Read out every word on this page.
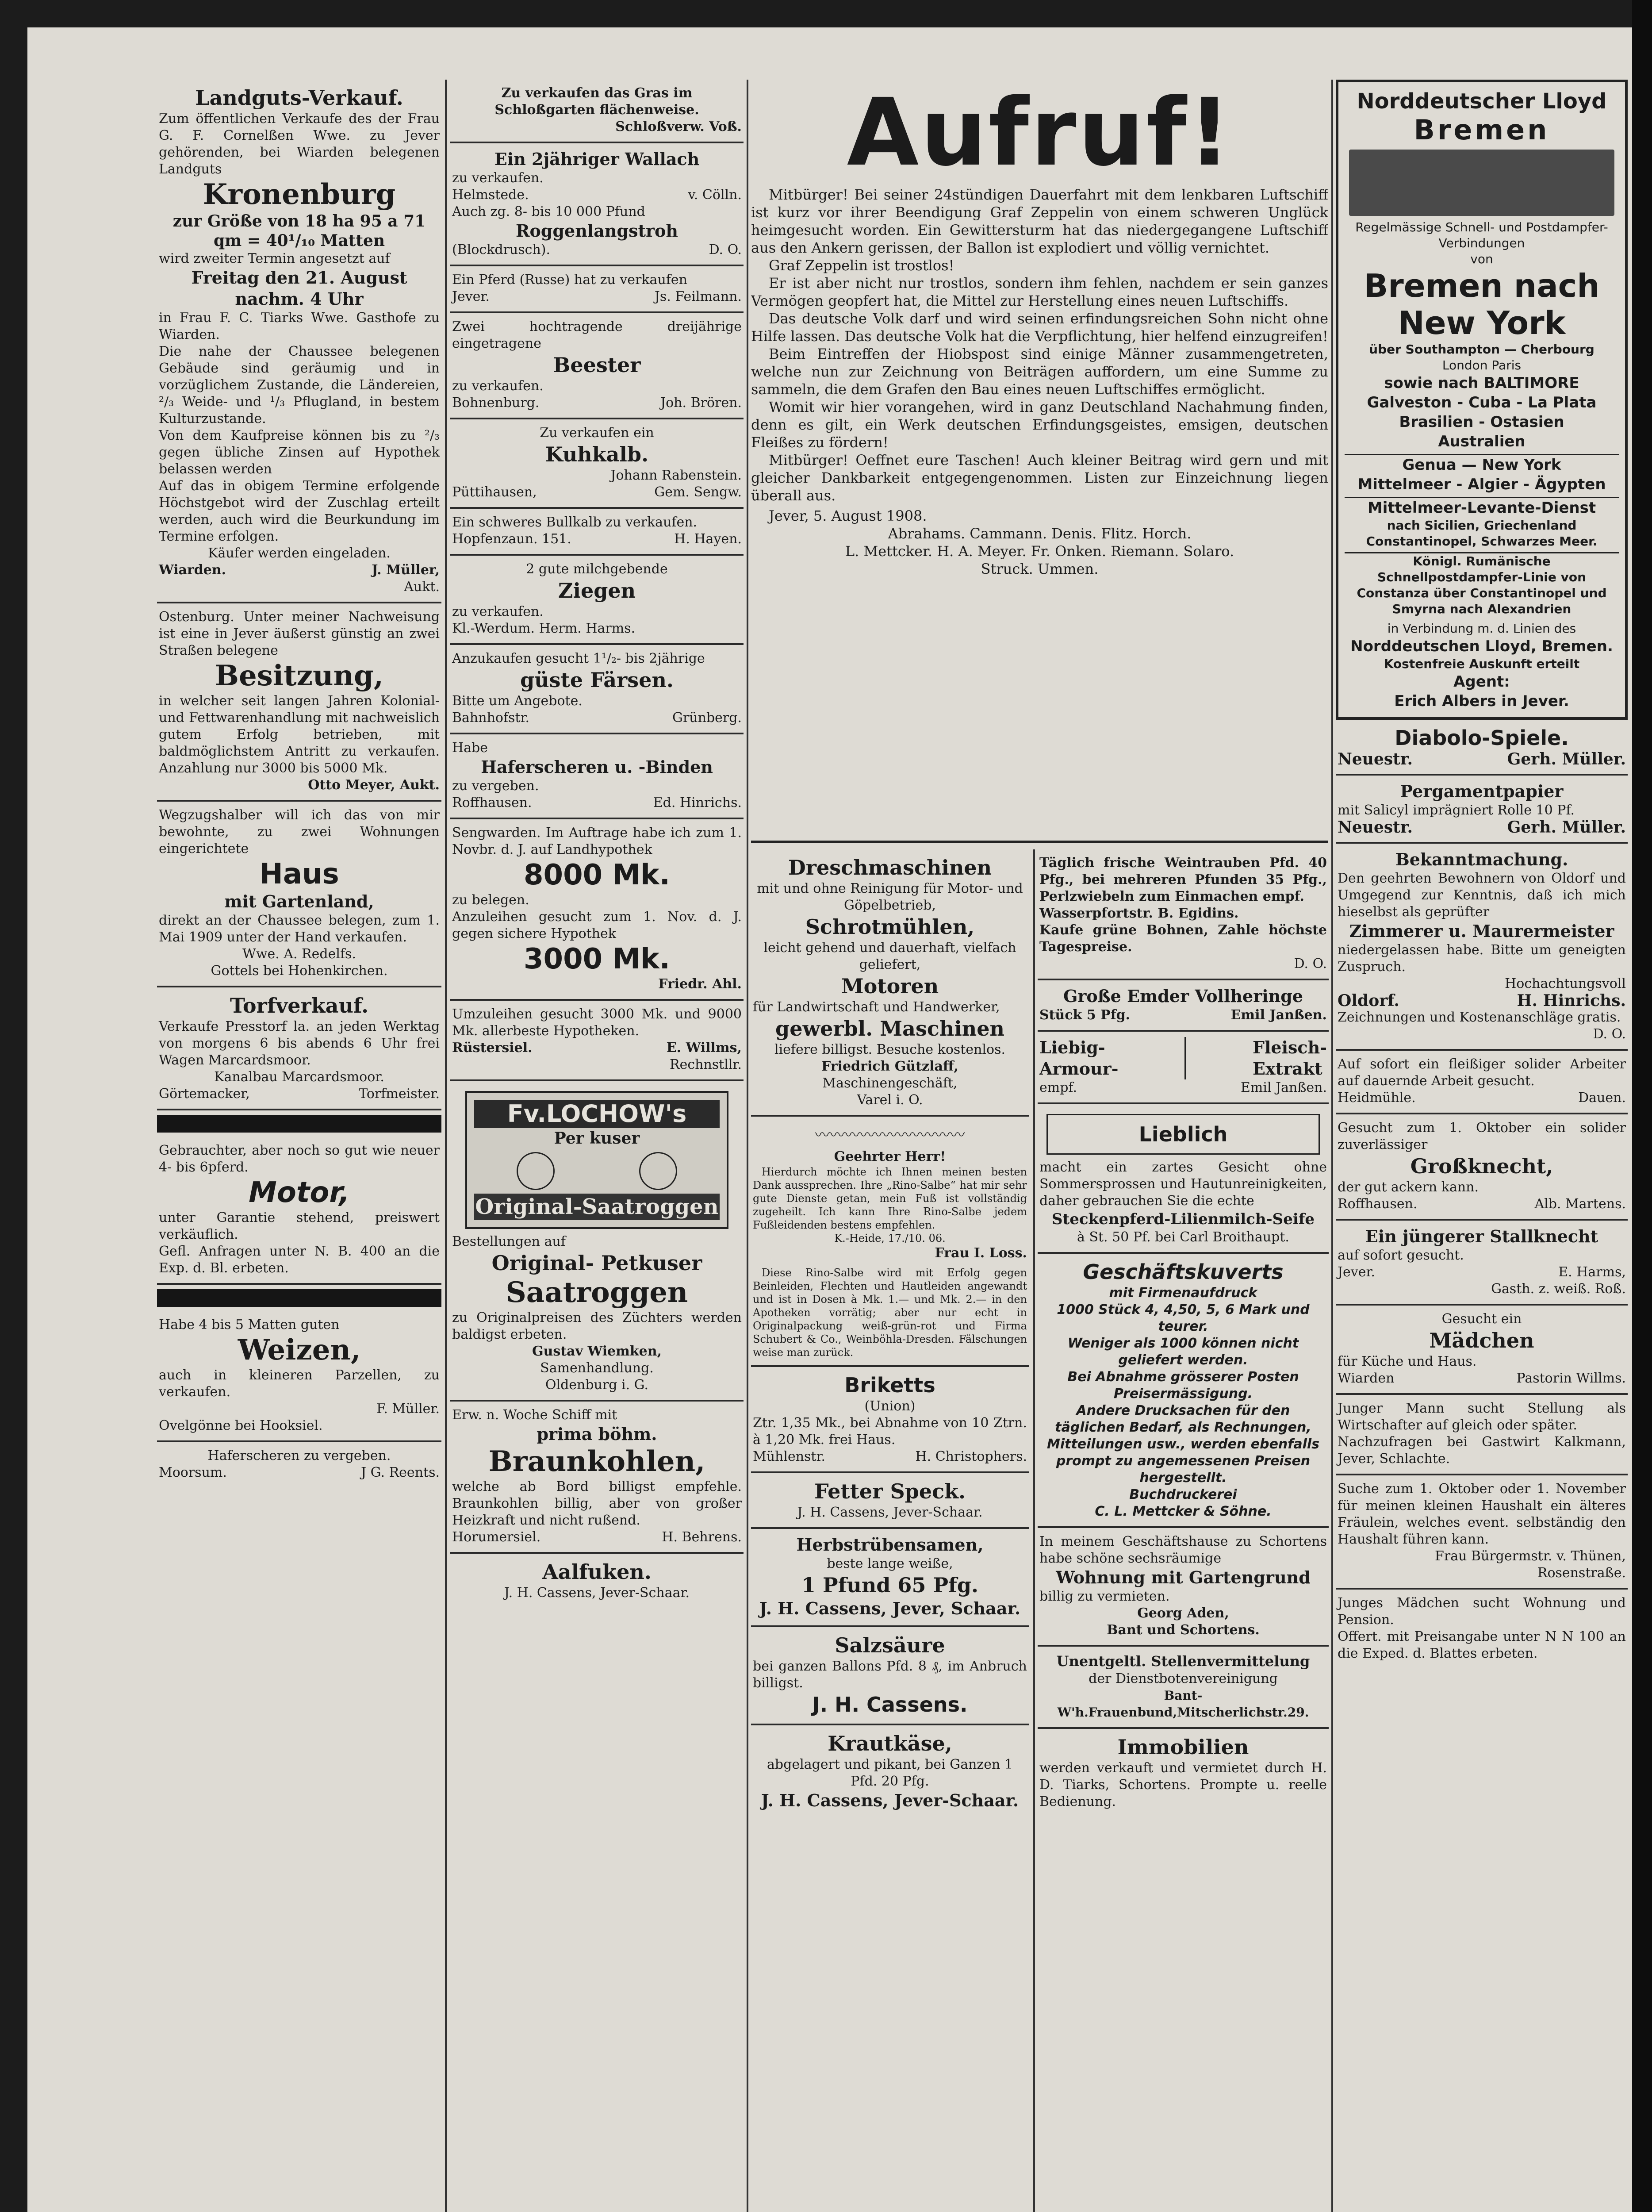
Landguts-Verkauf.

Zum öffentlichen Verkaufe des der Frau G. F. Cornelßen Wwe. zu Jever gehörenden, bei Wiarden belegenen Landguts

Kronenburg

zur Größe von 18 ha 95 a 71 qm = 40¹/₁₀ Matten

wird zweiter Termin angesetzt auf

Freitag den 21. August
nachm. 4 Uhr

in Frau F. C. Tiarks Wwe. Gasthofe zu Wiarden.

Die nahe der Chaussee belegenen Gebäude sind geräumig und in vorzüglichem Zustande, die Ländereien, ²/₃ Weide- und ¹/₃ Pflugland, in bestem Kulturzustande.

Von dem Kaufpreise können bis zu ²/₃ gegen übliche Zinsen auf Hypothek belassen werden

Auf das in obigem Termine erfolgende Höchstgebot wird der Zuschlag erteilt werden, auch wird die Beurkundung im Termine erfolgen.

Käufer werden eingeladen.

Wiarden.	J. Müller,

Aukt.

Ostenburg. Unter meiner Nachweisung ist eine in Jever äußerst günstig an zwei Straßen belegene

Besitzung,

in welcher seit langen Jahren Kolonial- und Fettwarenhandlung mit nachweislich gutem Erfolg betrieben, mit baldmöglichstem Antritt zu verkaufen. Anzahlung nur 3000 bis 5000 Mk.

Otto Meyer, Aukt.

Wegzugshalber will ich das von mir bewohnte, zu zwei Wohnungen eingerichtete

Haus
mit Gartenland,

direkt an der Chaussee belegen, zum 1. Mai 1909 unter der Hand verkaufen.

Wwe. A. Redelfs.

Gottels bei Hohenkirchen.

Torfverkauf.

Verkaufe Presstorf la. an jeden Werktag von morgens 6 bis abends 6 Uhr frei Wagen Marcardsmoor.

Kanalbau Marcardsmoor.

Görtemacker,	Torfmeister.

Gebrauchter, aber noch so gut wie neuer 4- bis 6pferd.

Motor,

unter Garantie stehend, preiswert verkäuflich.

Gefl. Anfragen unter N. B. 400 an die Exp. d. Bl. erbeten.

Habe 4 bis 5 Matten guten

Weizen,

auch in kleineren Parzellen, zu verkaufen.

F. Müller.

Ovelgönne bei Hooksiel.

Haferscheren zu vergeben.

Moorsum.	J G. Reents.

Zu verkaufen das Gras im Schloßgarten flächenweise.

Schloßverw. Voß.

Ein 2jähriger Wallach

zu verkaufen.

Helmstede.	v. Cölln.

Auch zg. 8- bis 10 000 Pfund

Roggenlangstroh
(Blockdrusch).	D. O.

Ein Pferd (Russe) hat zu verkaufen

Jever.	Js. Feilmann.

Zwei hochtragende dreijährige eingetragene

Beester

zu verkaufen.

Bohnenburg.	Joh. Brören.

Zu verkaufen ein

Kuhkalb.

Johann Rabenstein.

Püttihausen,	Gem. Sengw.

Ein schweres Bullkalb zu verkaufen.

Hopfenzaun. 151.	H. Hayen.

2 gute milchgebende

Ziegen

zu verkaufen.

Kl.-Werdum. Herm. Harms.

Anzukaufen gesucht 1¹/₂- bis 2jährige

güste Färsen.

Bitte um Angebote.

Bahnhofstr.	Grünberg.

Habe

Haferscheren u. -Binden

zu vergeben.

Roffhausen.	Ed. Hinrichs.

Sengwarden. Im Auftrage habe ich zum 1. Novbr. d. J. auf Landhypothek

8000 Mk.

zu belegen.

Anzuleihen gesucht zum 1. Nov. d. J. gegen sichere Hypothek

3000 Mk.

Friedr. Ahl.

Umzuleihen gesucht 3000 Mk. und 9000 Mk. allerbeste Hypotheken.

Rüstersiel.	E. Willms,

Rechnstllr.

Fv.LOCHOW's
Per kuser
Original-Saatroggen

Bestellungen auf

Original- Petkuser
Saatroggen

zu Originalpreisen des Züchters werden baldigst erbeten.

Gustav Wiemken,

Samenhandlung.

Oldenburg i. G.

Erw. n. Woche Schiff mit

prima böhm.
Braunkohlen,

welche ab Bord billigst empfehle. Braunkohlen billig, aber von großer Heizkraft und nicht rußend.

Horumersiel.	H. Behrens.
Aalfuken.

J. H. Cassens, Jever-Schaar.

Aufruf!

Mitbürger! Bei seiner 24stündigen Dauerfahrt mit dem lenkbaren Luftschiff ist kurz vor ihrer Beendigung Graf Zeppelin von einem schweren Unglück heimgesucht worden. Ein Gewittersturm hat das niedergegangene Luftschiff aus den Ankern gerissen, der Ballon ist explodiert und völlig vernichtet.

Graf Zeppelin ist trostlos!

Er ist aber nicht nur trostlos, sondern ihm fehlen, nachdem er sein ganzes Vermögen geopfert hat, die Mittel zur Herstellung eines neuen Luftschiffs.

Das deutsche Volk darf und wird seinen erfindungsreichen Sohn nicht ohne Hilfe lassen. Das deutsche Volk hat die Verpflichtung, hier helfend einzugreifen!

Beim Eintreffen der Hiobspost sind einige Männer zusammengetreten, welche nun zur Zeichnung von Beiträgen auffordern, um eine Summe zu sammeln, die dem Grafen den Bau eines neuen Luftschiffes ermöglicht.

Womit wir hier vorangehen, wird in ganz Deutschland Nachahmung finden, denn es gilt, ein Werk deutschen Erfindungsgeistes, emsigen, deutschen Fleißes zu fördern!

Mitbürger! Oeffnet eure Taschen! Auch kleiner Beitrag wird gern und mit gleicher Dankbarkeit entgegengenommen. Listen zur Einzeichnung liegen überall aus.

Jever, 5. August 1908.

Abrahams. Cammann. Denis. Flitz. Horch.

L. Mettcker. H. A. Meyer. Fr. Onken. Riemann. Solaro.

Struck. Ummen.

Dreschmaschinen

mit und ohne Reinigung für Motor- und Göpelbetrieb,

Schrotmühlen,

leicht gehend und dauerhaft, vielfach geliefert,

Motoren

für Landwirtschaft und Handwerker,

gewerbl. Maschinen

liefere billigst. Besuche kostenlos.

Friedrich Gützlaff,

Maschinengeschäft,

Varel i. O.

〰〰〰〰〰〰〰〰〰〰

Geehrter Herr!

Hierdurch möchte ich Ihnen meinen besten Dank aussprechen. Ihre „Rino-Salbe“ hat mir sehr gute Dienste getan, mein Fuß ist vollständig zugeheilt. Ich kann Ihre Rino-Salbe jedem Fußleidenden bestens empfehlen.

K.-Heide, 17./10. 06.

Frau I. Loss.

Diese Rino-Salbe wird mit Erfolg gegen Beinleiden, Flechten und Hautleiden angewandt und ist in Dosen à Mk. 1.— und Mk. 2.— in den Apotheken vorrätig; aber nur echt in Originalpackung weiß-grün-rot und Firma Schubert & Co., Weinböhla-Dresden. Fälschungen weise man zurück.

Briketts

(Union)

Ztr. 1,35 Mk., bei Abnahme von 10 Ztrn. à 1,20 Mk. frei Haus.

Mühlenstr.	H. Christophers.
Fetter Speck.

J. H. Cassens, Jever-Schaar.

Herbstrübensamen,

beste lange weiße,

1 Pfund 65 Pfg.
J. H. Cassens, Jever, Schaar.
Salzsäure

bei ganzen Ballons Pfd. 8 ₰, im Anbruch billigst.

J. H. Cassens.
Krautkäse,

abgelagert und pikant, bei Ganzen 1 Pfd. 20 Pfg.

J. H. Cassens, Jever-Schaar.

Täglich frische Weintrauben Pfd. 40 Pfg., bei mehreren Pfunden 35 Pfg., Perlzwiebeln zum Einmachen empf.

Wasserpfortstr. B. Egidins.

Kaufe grüne Bohnen, Zahle höchste Tagespreise.

D. O.

Große Emder Vollheringe
Stück 5 Pfg.	Emil Janßen.
Liebig-
Armour-
Fleisch-
Extrakt
empf.	Emil Janßen.
Lieblich

macht ein zartes Gesicht ohne Sommersprossen und Hautunreinigkeiten, daher gebrauchen Sie die echte

Steckenpferd-Lilienmilch-Seife

à St. 50 Pf. bei Carl Broithaupt.

Geschäftskuverts

mit Firmenaufdruck

1000 Stück 4, 4,50, 5, 6 Mark und teurer.

Weniger als 1000 können nicht geliefert werden.

Bei Abnahme grösserer Posten Preisermässigung.

Andere Drucksachen für den täglichen Bedarf, als Rechnungen, Mitteilungen usw., werden ebenfalls prompt zu angemessenen Preisen hergestellt.

Buchdruckerei

C. L. Mettcker & Söhne.

In meinem Geschäftshause zu Schortens habe schöne sechsräumige

Wohnung mit Gartengrund

billig zu vermieten.

Georg Aden,

Bant und Schortens.

Unentgeltl. Stellenvermittelung

der Dienstbotenvereinigung

Bant-W'h.Frauenbund,Mitscherlichstr.29.

Immobilien

werden verkauft und vermietet durch H. D. Tiarks, Schortens. Prompte u. reelle Bedienung.

Norddeutscher Lloyd
Bremen
Regelmässige Schnell- und Postdampfer-Verbindungen
von
Bremen nach New York
über Southampton — Cherbourg
London Paris
sowie nach BALTIMORE
Galveston - Cuba - La Plata
Brasilien - Ostasien
Australien
Genua — New York
Mittelmeer - Algier - Ägypten
Mittelmeer-Levante-Dienst
nach Sicilien, Griechenland Constantinopel, Schwarzes Meer.
Königl. Rumänische Schnellpostdampfer-Linie von Constanza über Constantinopel und Smyrna nach Alexandrien
in Verbindung m. d. Linien des
Norddeutschen Lloyd, Bremen.
Kostenfreie Auskunft erteilt
Agent:
Erich Albers in Jever.
Diabolo-Spiele.
Neuestr.	Gerh. Müller.
Pergamentpapier

mit Salicyl imprägniert Rolle 10 Pf.

Neuestr.	Gerh. Müller.
Bekanntmachung.

Den geehrten Bewohnern von Oldorf und Umgegend zur Kenntnis, daß ich mich hieselbst als geprüfter

Zimmerer u. Maurermeister

niedergelassen habe. Bitte um geneigten Zuspruch.

Hochachtungsvoll

Oldorf.	H. Hinrichs.

Zeichnungen und Kostenanschläge gratis.

D. O.

Auf sofort ein fleißiger solider Arbeiter auf dauernde Arbeit gesucht.

Heidmühle.	Dauen.

Gesucht zum 1. Oktober ein solider zuverlässiger

Großknecht,

der gut ackern kann.

Roffhausen.	Alb. Martens.
Ein jüngerer Stallknecht

auf sofort gesucht.

Jever.	E. Harms,

Gasth. z. weiß. Roß.

Gesucht ein

Mädchen

für Küche und Haus.

Wiarden	Pastorin Willms.

Junger Mann sucht Stellung als Wirtschafter auf gleich oder später.

Nachzufragen bei Gastwirt Kalkmann, Jever, Schlachte.

Suche zum 1. Oktober oder 1. November für meinen kleinen Haushalt ein älteres Fräulein, welches event. selbständig den Haushalt führen kann.

Frau Bürgermstr. v. Thünen,

Rosenstraße.

Junges Mädchen sucht Wohnung und Pension.

Offert. mit Preisangabe unter N N 100 an die Exped. d. Blattes erbeten.
